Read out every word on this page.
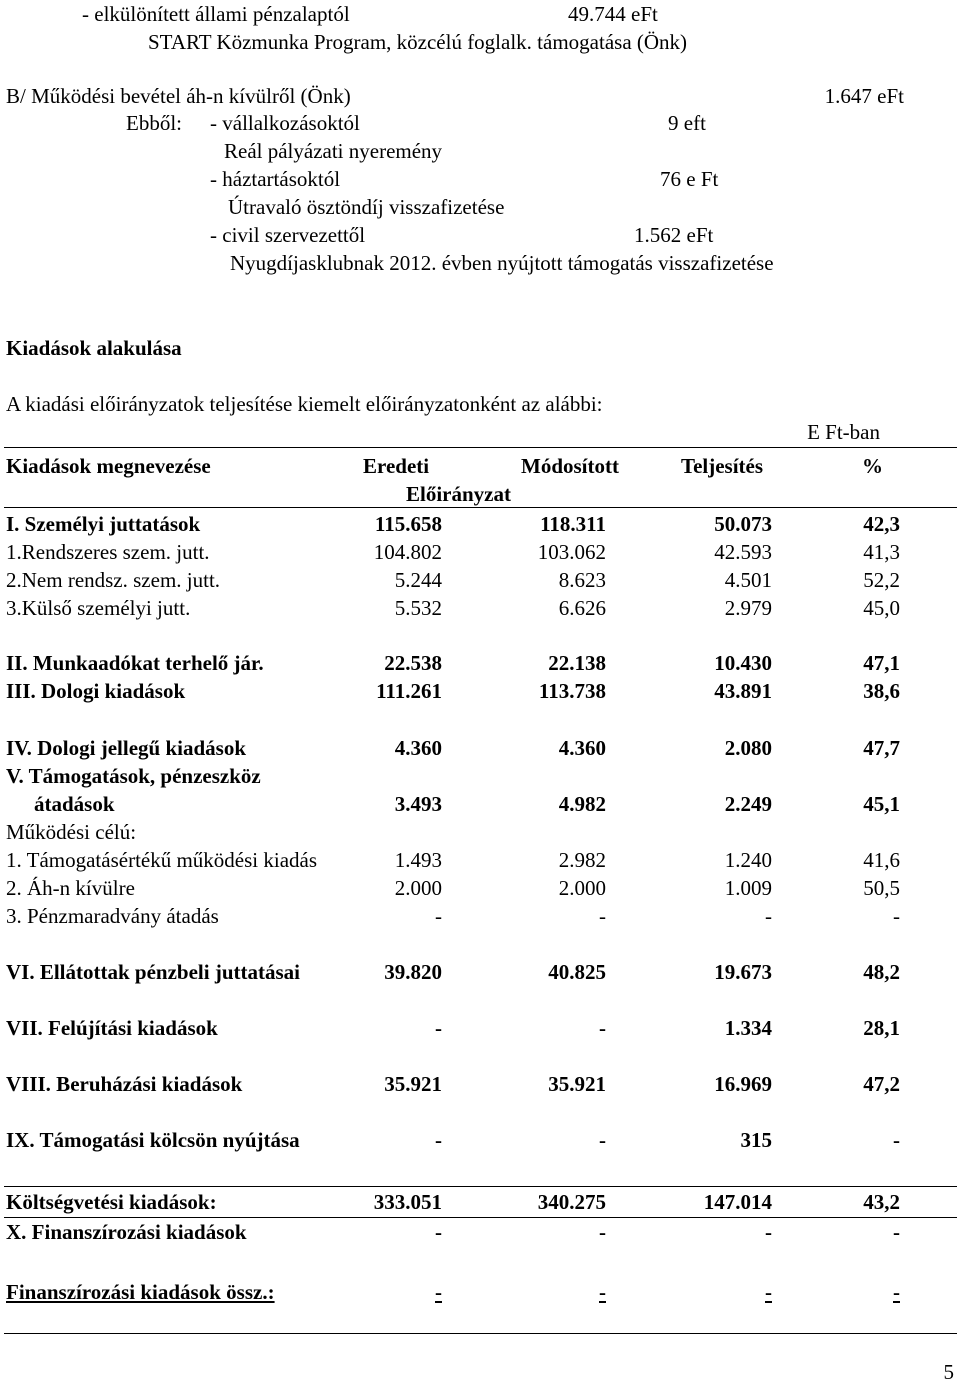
- elkülönített állami pénzalaptól	49.744 eFt
START Közmunka Program, közcélú foglalk. támogatása (Önk)
B/ Működési bevétel áh-n kívülről (Önk)	1.647 eFt
Ebből: - vállalkozásoktól	9 eft
Reál pályázati nyeremény
- háztartásoktól	76 e Ft
Útravaló ösztöndíj visszafizetése
- civil szervezettől	1.562 eFt
Nyugdíjasklubnak 2012. évben nyújtott támogatás visszafizetése
Kiadások alakulása
A kiadási előirányzatok teljesítése kiemelt előirányzatonként az alábbi:
E Ft-ban
Kiadások megnevezése	Eredeti	Módosított	Teljesítés	%
Előirányzat
I. Személyi juttatások	115.658	118.311	50.073	42,3
1.Rendszeres szem. jutt.	104.802	103.062	42.593	41,3
2.Nem rendsz. szem. jutt.	5.244	8.623	4.501	52,2
3.Külső személyi jutt.	5.532	6.626	2.979	45,0
II. Munkaadókat terhelő jár.	22.538	22.138	10.430	47,1
III. Dologi kiadások	111.261	113.738	43.891	38,6
IV. Dologi jellegű kiadások	4.360	4.360	2.080	47,7
V. Támogatások, pénzeszköz
átadások	3.493	4.982	2.249	45,1
Működési célú:
1. Támogatásértékű működési kiadás	1.493	2.982	1.240	41,6
2. Áh-n kívülre	2.000	2.000	1.009	50,5
3. Pénzmaradvány átadás	-	-	-	-
VI. Ellátottak pénzbeli juttatásai	39.820	40.825	19.673	48,2
VII. Felújítási kiadások	-	-	1.334	28,1
VIII. Beruházási kiadások	35.921	35.921	16.969	47,2
IX. Támogatási kölcsön nyújtása	-	-	315	-
Költségvetési kiadások:	333.051	340.275	147.014	43,2
X. Finanszírozási kiadások	-	-	-	-
Finanszírozási kiadások össz.:	-	-	-	-
5
